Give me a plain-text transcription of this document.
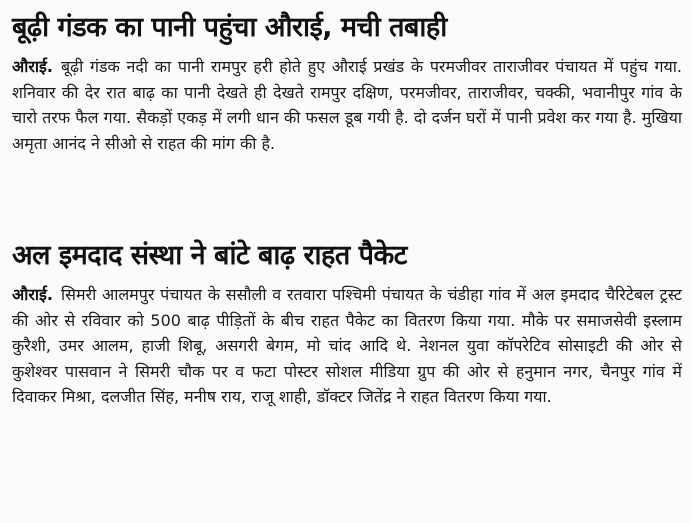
बूढ़ी गंडक का पानी पहुंचा औराई, मची तबाही

औराई. बूढ़ी गंडक नदी का पानी रामपुर हरी होते हुए औराई प्रखंड के परमजीवर ताराजीवर पंचायत में पहुंच गया. शनिवार की देर रात बाढ़ का पानी देखते ही देखते रामपुर दक्षिण, परमजीवर, ताराजीवर, चक्की, भवानीपुर गांव के चारो तरफ फैल गया. सैकड़ों एकड़ में लगी धान की फसल डूब गयी है. दो दर्जन घरों में पानी प्रवेश कर गया है. मुखिया अमृता आनंद ने सीओ से राहत की मांग की है.

अल इमदाद संस्था ने बांटे बाढ़ राहत पैकेट

औराई. सिमरी आलमपुर पंचायत के ससौली व रतवारा पश्चिमी पंचायत के चंडीहा गांव में अल इमदाद चैरिटेबल ट्रस्ट की ओर से रविवार को 500 बाढ़ पीड़ितों के बीच राहत पैकेट का वितरण किया गया. मौके पर समाजसेवी इस्लाम कुरैशी, उमर आलम, हाजी शिबू, असगरी बेगम, मो चांद आदि थे. नेशनल युवा कॉपरेटिव सोसाइटी की ओर से कुशेश्वर पासवान ने सिमरी चौक पर व फटा पोस्टर सोशल मीडिया ग्रुप की ओर से हनुमान नगर, चैनपुर गांव में दिवाकर मिश्रा, दलजीत सिंह, मनीष राय, राजू शाही, डॉक्टर जितेंद्र ने राहत वितरण किया गया.
